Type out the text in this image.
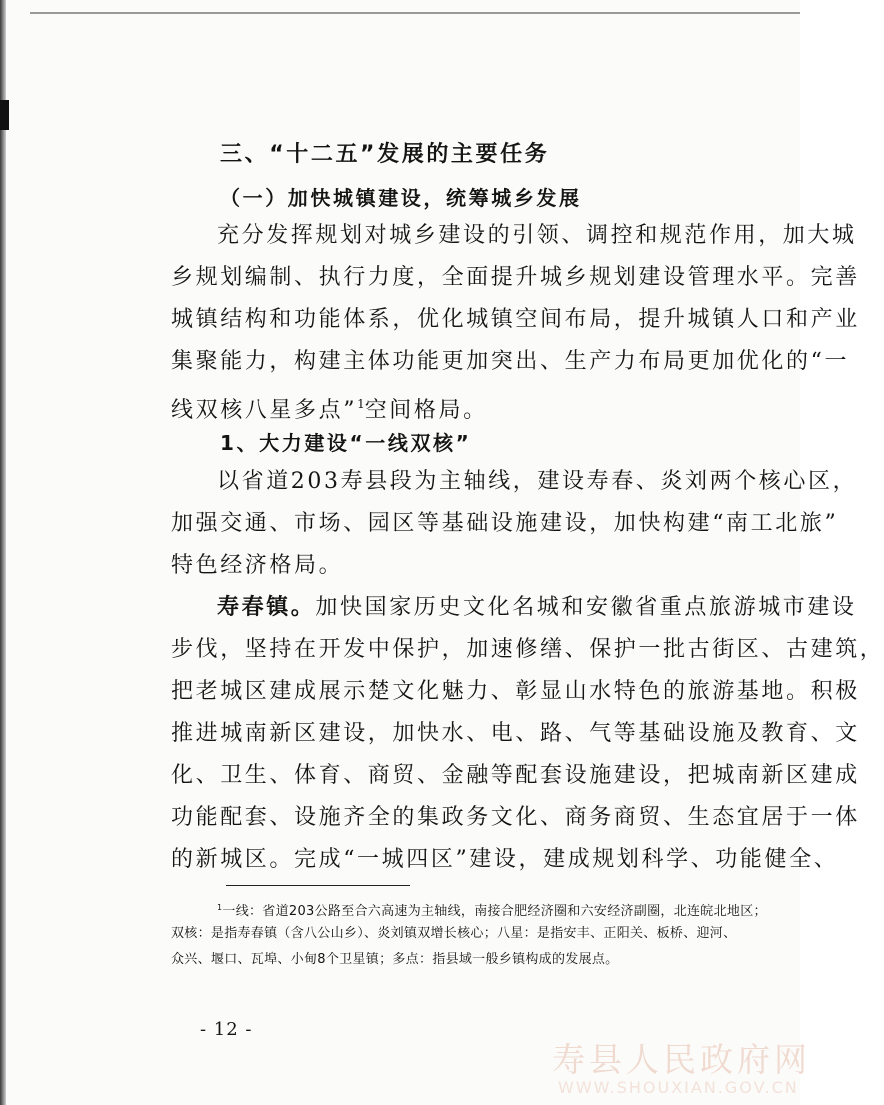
三、“十二五”发展的主要任务
（一）加快城镇建设，统筹城乡发展
充分发挥规划对城乡建设的引领、调控和规范作用，加大城
乡规划编制、执行力度，全面提升城乡规划建设管理水平。完善
城镇结构和功能体系，优化城镇空间布局，提升城镇人口和产业
集聚能力，构建主体功能更加突出、生产力布局更加优化的“一
线双核八星多点”$^1$空间格局。
1、大力建设“一线双核”
以省道203寿县段为主轴线，建设寿春、炎刘两个核心区，
加强交通、市场、园区等基础设施建设，加快构建“南工北旅”
特色经济格局。
寿春镇。加快国家历史文化名城和安徽省重点旅游城市建设
步伐，坚持在开发中保护，加速修缮、保护一批古街区、古建筑，
把老城区建成展示楚文化魅力、彰显山水特色的旅游基地。积极
推进城南新区建设，加快水、电、路、气等基础设施及教育、文
化、卫生、体育、商贸、金融等配套设施建设，把城南新区建成
功能配套、设施齐全的集政务文化、商务商贸、生态宜居于一体
的新城区。完成“一城四区”建设，建成规划科学、功能健全、
$^1$一线：省道203公路至合六高速为主轴线，南接合肥经济圈和六安经济副圈，北连皖北地区；
双核：是指寿春镇（含八公山乡）、炎刘镇双增长核心；八星：是指安丰、正阳关、板桥、迎河、
众兴、堰口、瓦埠、小甸8个卫星镇；多点：指县域一般乡镇构成的发展点。
- 12 -
寿县人民政府网
WWW.SHOUXIAN.GOV.CN
